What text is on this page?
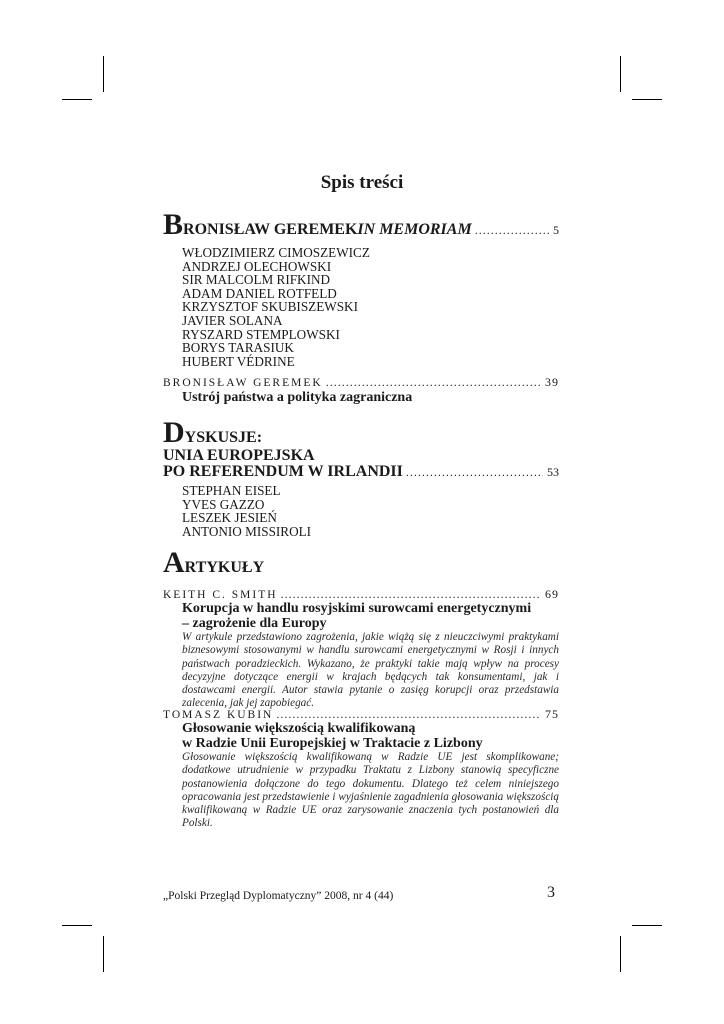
Spis treści
B RONISŁAW GEREMEK IN MEMORIAM . . .	5
WŁODZIMIERZ CIMOSZEWICZ
ANDRZEJ OLECHOWSKI
SIR MALCOLM RIFKIND
ADAM DANIEL ROTFELD
KRZYSZTOF SKUBISZEWSKI
JAVIER SOLANA
RYSZARD STEMPLOWSKI
BORYS TARASIUK
HUBERT VÉDRINE
BRONISŁAW GEREMEK . . .	39
Ustrój państwa a polityka zagraniczna
D YSKUSJE:
UNIA EUROPEJSKA
PO REFERENDUM W IRLANDII . . .	53
STEPHAN EISEL
YVES GAZZO
LESZEK JESIEŃ
ANTONIO MISSIROLI
A RTYKUŁY
KEITH C. SMITH . . .	69
Korupcja w handlu rosyjskimi surowcami energetycznymi
– zagrożenie dla Europy
W artykule przedstawiono zagrożenia, jakie wiążą się z nieuczciwymi praktykami biznesowymi stosowanymi w handlu surowcami energetycznymi w Rosji i innych państwach poradzieckich. Wykazano, że praktyki takie mają wpływ na procesy decyzyjne dotyczące energii w krajach będących tak konsumentami, jak i dostawcami energii. Autor stawia pytanie o zasięg korupcji oraz przedstawia zalecenia, jak jej zapobiegać.
TOMASZ KUBIN . . .	75
Głosowanie większością kwalifikowaną
w Radzie Unii Europejskiej w Traktacie z Lizbony
Głosowanie większością kwalifikowaną w Radzie UE jest skomplikowane; dodatkowe utrudnienie w przypadku Traktatu z Lizbony stanowią specyficzne postanowienia dołączone do tego dokumentu. Dlatego też celem niniejszego opracowania jest przedstawienie i wyjaśnienie zagadnienia głosowania większością kwalifikowaną w Radzie UE oraz zarysowanie znaczenia tych postanowień dla Polski.
„Polski Przegląd Dyplomatyczny” 2008, nr 4 (44)	3
